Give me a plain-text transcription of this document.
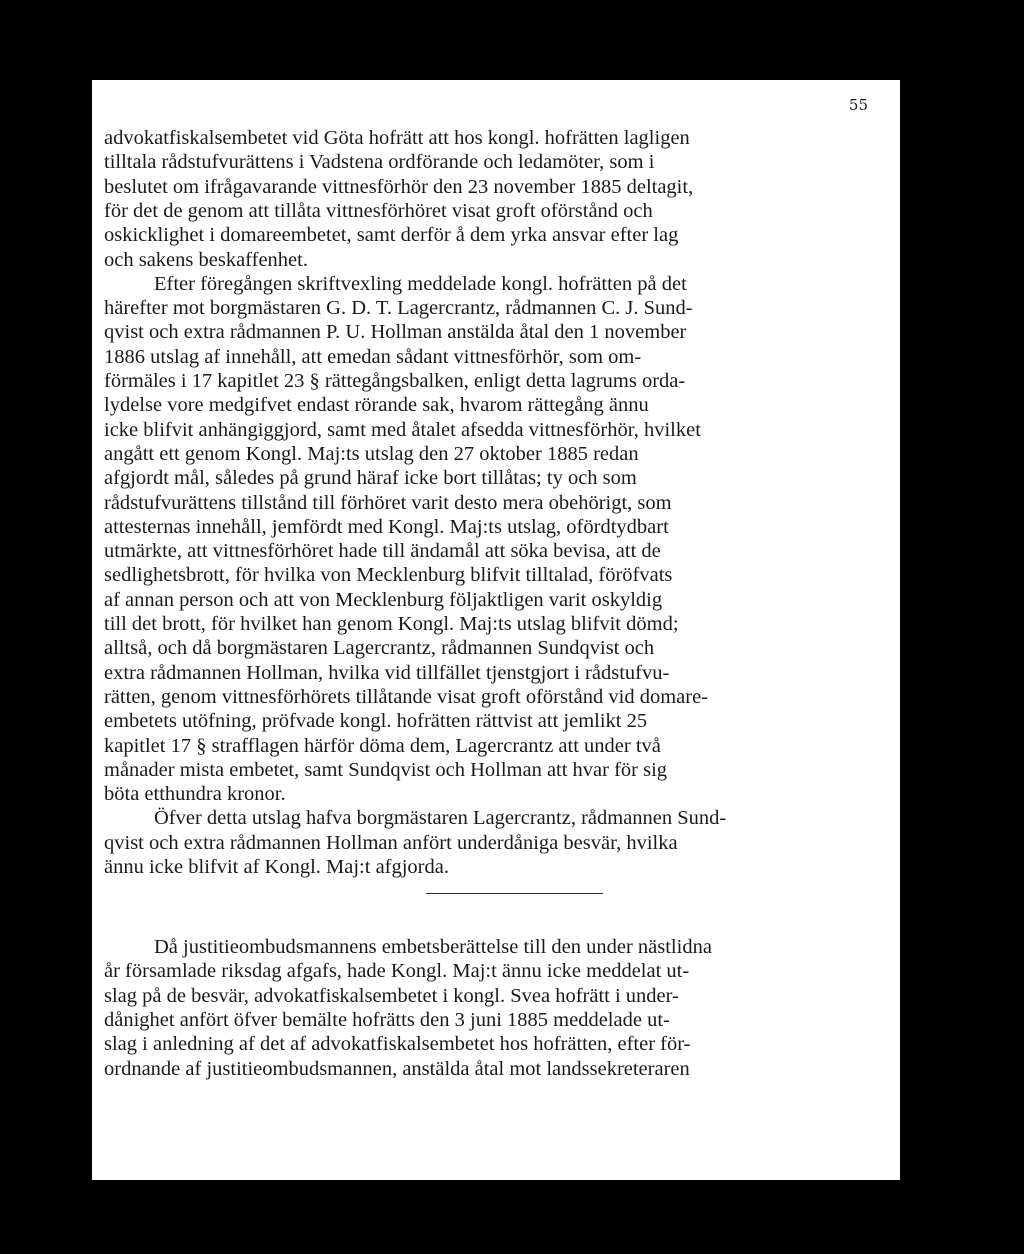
55
advokatfiskalsembetet vid Göta hofrätt att hos kongl. hofrätten lagligen
tilltala rådstufvurättens i Vadstena ordförande och ledamöter, som i
beslutet om ifrågavarande vittnesförhör den 23 november 1885 deltagit,
för det de genom att tillåta vittnesförhöret visat groft oförstånd och
oskicklighet i domareembetet, samt derför å dem yrka ansvar efter lag
och sakens beskaffenhet.
Efter föregången skriftvexling meddelade kongl. hofrätten på det
härefter mot borgmästaren G. D. T. Lagercrantz, rådmannen C. J. Sund-
qvist och extra rådmannen P. U. Hollman anstälda åtal den 1 november
1886 utslag af innehåll, att emedan sådant vittnesförhör, som om-
förmäles i 17 kapitlet 23 § rättegångsbalken, enligt detta lagrums orda-
lydelse vore medgifvet endast rörande sak, hvarom rättegång ännu
icke blifvit anhängiggjord, samt med åtalet afsedda vittnesförhör, hvilket
angått ett genom Kongl. Maj:ts utslag den 27 oktober 1885 redan
afgjordt mål, således på grund häraf icke bort tillåtas; ty och som
rådstufvurättens tillstånd till förhöret varit desto mera obehörigt, som
attesternas innehåll, jemfördt med Kongl. Maj:ts utslag, ofördtydbart
utmärkte, att vittnesförhöret hade till ändamål att söka bevisa, att de
sedlighetsbrott, för hvilka von Mecklenburg blifvit tilltalad, föröfvats
af annan person och att von Mecklenburg följaktligen varit oskyldig
till det brott, för hvilket han genom Kongl. Maj:ts utslag blifvit dömd;
alltså, och då borgmästaren Lagercrantz, rådmannen Sundqvist och
extra rådmannen Hollman, hvilka vid tillfället tjenstgjort i rådstufvu-
rätten, genom vittnesförhörets tillåtande visat groft oförstånd vid domare-
embetets utöfning, pröfvade kongl. hofrätten rättvist att jemlikt 25
kapitlet 17 § strafflagen härför döma dem, Lagercrantz att under två
månader mista embetet, samt Sundqvist och Hollman att hvar för sig
böta etthundra kronor.
Öfver detta utslag hafva borgmästaren Lagercrantz, rådmannen Sund-
qvist och extra rådmannen Hollman anfört underdåniga besvär, hvilka
ännu icke blifvit af Kongl. Maj:t afgjorda.
Då justitieombudsmannens embetsberättelse till den under nästlidna
år församlade riksdag afgafs, hade Kongl. Maj:t ännu icke meddelat ut-
slag på de besvär, advokatfiskalsembetet i kongl. Svea hofrätt i under-
dånighet anfört öfver bemälte hofrätts den 3 juni 1885 meddelade ut-
slag i anledning af det af advokatfiskalsembetet hos hofrätten, efter för-
ordnande af justitieombudsmannen, anstälda åtal mot landssekreteraren
